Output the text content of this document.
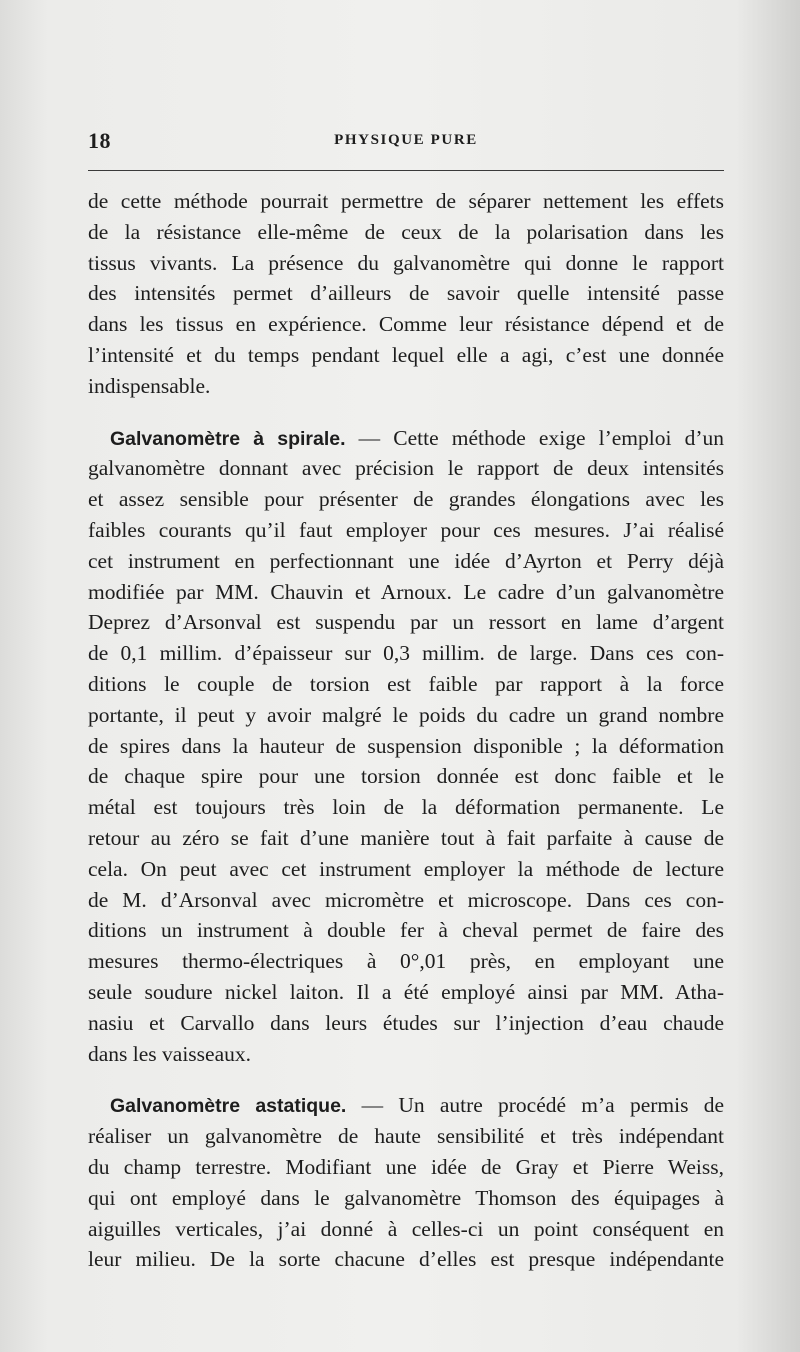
18	PHYSIQUE PURE
de cette méthode pourrait permettre de séparer nettement les effets
de la résistance elle-même de ceux de la polarisation dans les
tissus vivants. La présence du galvanomètre qui donne le rapport
des intensités permet d’ailleurs de savoir quelle intensité passe
dans les tissus en expérience. Comme leur résistance dépend et de
l’intensité et du temps pendant lequel elle a agi, c’est une donnée
indispensable.
Galvanomètre à spirale. — Cette méthode exige l’emploi d’un
galvanomètre donnant avec précision le rapport de deux intensités
et assez sensible pour présenter de grandes élongations avec les
faibles courants qu’il faut employer pour ces mesures. J’ai réalisé
cet instrument en perfectionnant une idée d’Ayrton et Perry déjà
modifiée par MM. Chauvin et Arnoux. Le cadre d’un galvanomètre
Deprez d’Arsonval est suspendu par un ressort en lame d’argent
de 0,1 millim. d’épaisseur sur 0,3 millim. de large. Dans ces con-
ditions le couple de torsion est faible par rapport à la force
portante, il peut y avoir malgré le poids du cadre un grand nombre
de spires dans la hauteur de suspension disponible ; la déformation
de chaque spire pour une torsion donnée est donc faible et le
métal est toujours très loin de la déformation permanente. Le
retour au zéro se fait d’une manière tout à fait parfaite à cause de
cela. On peut avec cet instrument employer la méthode de lecture
de M. d’Arsonval avec micromètre et microscope. Dans ces con-
ditions un instrument à double fer à cheval permet de faire des
mesures thermo-électriques à 0°,01 près, en employant une
seule soudure nickel laiton. Il a été employé ainsi par MM. Atha-
nasiu et Carvallo dans leurs études sur l’injection d’eau chaude
dans les vaisseaux.
Galvanomètre astatique. — Un autre procédé m’a permis de
réaliser un galvanomètre de haute sensibilité et très indépendant
du champ terrestre. Modifiant une idée de Gray et Pierre Weiss,
qui ont employé dans le galvanomètre Thomson des équipages à
aiguilles verticales, j’ai donné à celles-ci un point conséquent en
leur milieu. De la sorte chacune d’elles est presque indépendante
